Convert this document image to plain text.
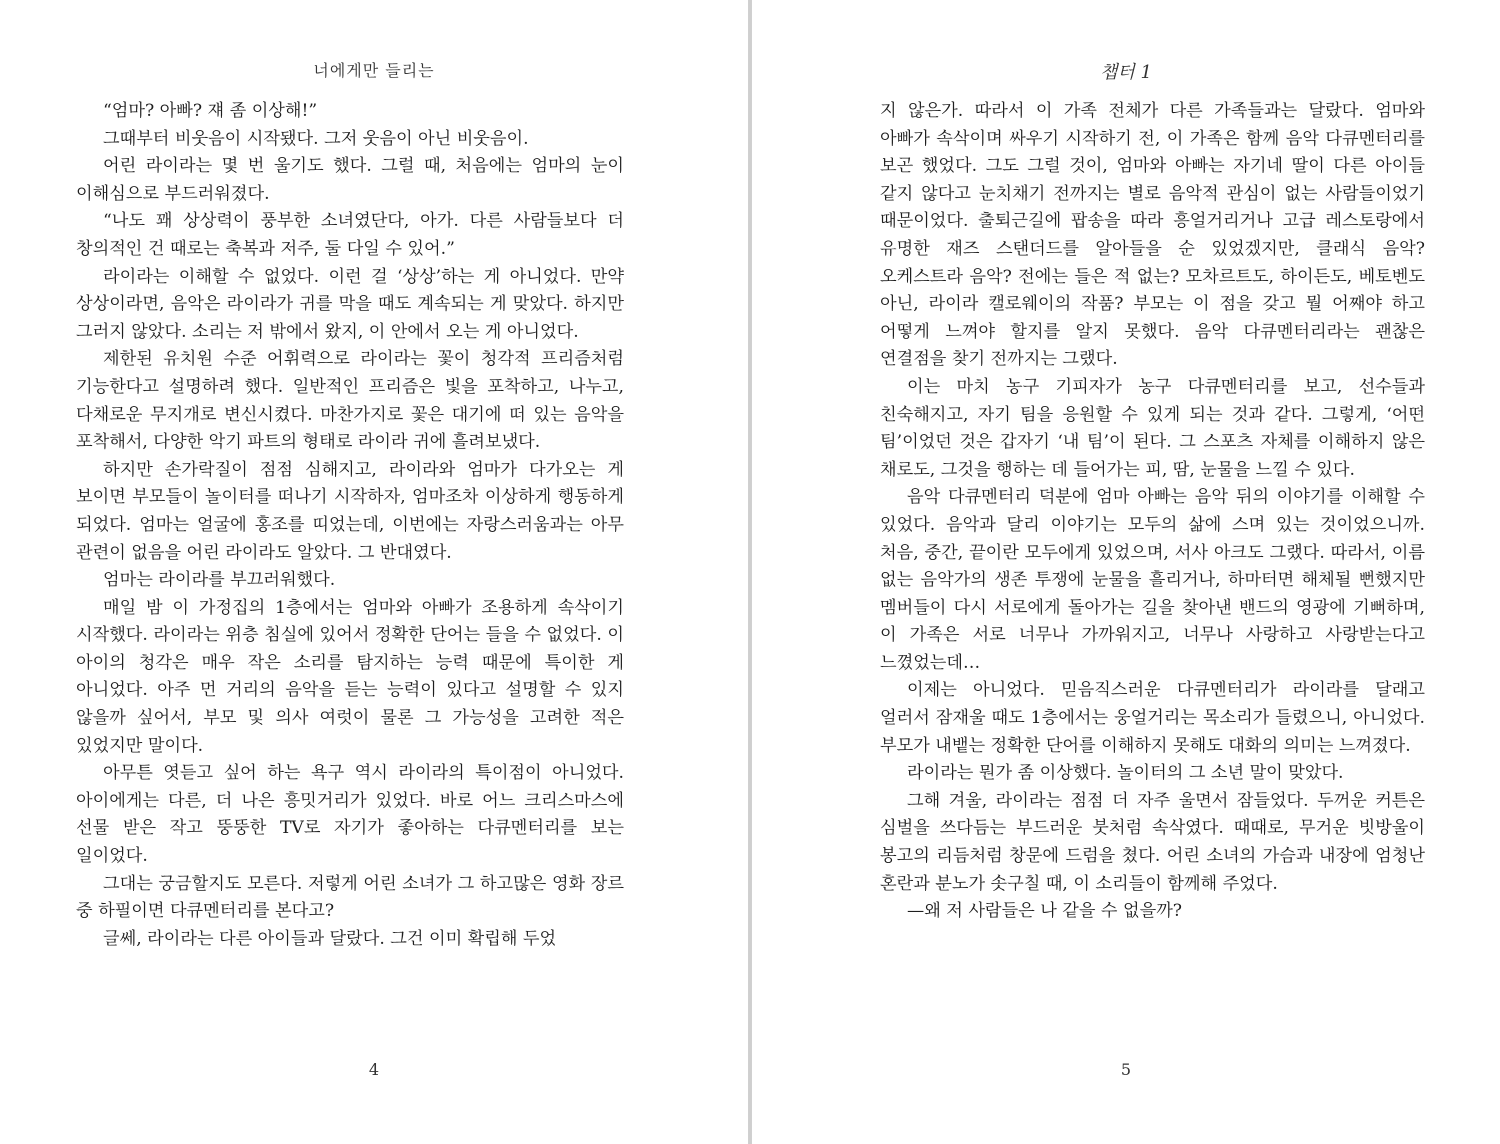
너에게만 들리는

“엄마? 아빠? 쟤 좀 이상해!”

그때부터 비웃음이 시작됐다. 그저 웃음이 아닌 비웃음이.

어린 라이라는 몇 번 울기도 했다. 그럴 때, 처음에는 엄마의 눈이 이해심으로 부드러워졌다.

“나도 꽤 상상력이 풍부한 소녀였단다, 아가. 다른 사람들보다 더 창의적인 건 때로는 축복과 저주, 둘 다일 수 있어.”

라이라는 이해할 수 없었다. 이런 걸 ‘상상’하는 게 아니었다. 만약 상상이라면, 음악은 라이라가 귀를 막을 때도 계속되는 게 맞았다. 하지만 그러지 않았다. 소리는 저 밖에서 왔지, 이 안에서 오는 게 아니었다.

제한된 유치원 수준 어휘력으로 라이라는 꽃이 청각적 프리즘처럼 기능한다고 설명하려 했다. 일반적인 프리즘은 빛을 포착하고, 나누고, 다채로운 무지개로 변신시켰다. 마찬가지로 꽃은 대기에 떠 있는 음악을 포착해서, 다양한 악기 파트의 형태로 라이라 귀에 흘려보냈다.

하지만 손가락질이 점점 심해지고, 라이라와 엄마가 다가오는 게 보이면 부모들이 놀이터를 떠나기 시작하자, 엄마조차 이상하게 행동하게 되었다. 엄마는 얼굴에 홍조를 띠었는데, 이번에는 자랑스러움과는 아무 관련이 없음을 어린 라이라도 알았다. 그 반대였다.

엄마는 라이라를 부끄러워했다.

매일 밤 이 가정집의 1층에서는 엄마와 아빠가 조용하게 속삭이기 시작했다. 라이라는 위층 침실에 있어서 정확한 단어는 들을 수 없었다. 이 아이의 청각은 매우 작은 소리를 탐지하는 능력 때문에 특이한 게 아니었다. 아주 먼 거리의 음악을 듣는 능력이 있다고 설명할 수 있지 않을까 싶어서, 부모 및 의사 여럿이 물론 그 가능성을 고려한 적은 있었지만 말이다.

아무튼 엿듣고 싶어 하는 욕구 역시 라이라의 특이점이 아니었다. 아이에게는 다른, 더 나은 흥밋거리가 있었다. 바로 어느 크리스마스에 선물 받은 작고 뚱뚱한 TV로 자기가 좋아하는 다큐멘터리를 보는 일이었다.

그대는 궁금할지도 모른다. 저렇게 어린 소녀가 그 하고많은 영화 장르 중 하필이면 다큐멘터리를 본다고?

글쎄, 라이라는 다른 아이들과 달랐다. 그건 이미 확립해 두었

4
챕터 1

지 않은가. 따라서 이 가족 전체가 다른 가족들과는 달랐다. 엄마와 아빠가 속삭이며 싸우기 시작하기 전, 이 가족은 함께 음악 다큐멘터리를 보곤 했었다. 그도 그럴 것이, 엄마와 아빠는 자기네 딸이 다른 아이들 같지 않다고 눈치채기 전까지는 별로 음악적 관심이 없는 사람들이었기 때문이었다. 출퇴근길에 팝송을 따라 흥얼거리거나 고급 레스토랑에서 유명한 재즈 스탠더드를 알아들을 순 있었겠지만, 클래식 음악? 오케스트라 음악? 전에는 들은 적 없는? 모차르트도, 하이든도, 베토벤도 아닌, 라이라 캘로웨이의 작품? 부모는 이 점을 갖고 뭘 어째야 하고 어떻게 느껴야 할지를 알지 못했다. 음악 다큐멘터리라는 괜찮은 연결점을 찾기 전까지는 그랬다.

이는 마치 농구 기피자가 농구 다큐멘터리를 보고, 선수들과 친숙해지고, 자기 팀을 응원할 수 있게 되는 것과 같다. 그렇게, ‘어떤 팀’이었던 것은 갑자기 ‘내 팀’이 된다. 그 스포츠 자체를 이해하지 않은 채로도, 그것을 행하는 데 들어가는 피, 땀, 눈물을 느낄 수 있다.

음악 다큐멘터리 덕분에 엄마 아빠는 음악 뒤의 이야기를 이해할 수 있었다. 음악과 달리 이야기는 모두의 삶에 스며 있는 것이었으니까. 처음, 중간, 끝이란 모두에게 있었으며, 서사 아크도 그랬다. 따라서, 이름 없는 음악가의 생존 투쟁에 눈물을 흘리거나, 하마터면 해체될 뻔했지만 멤버들이 다시 서로에게 돌아가는 길을 찾아낸 밴드의 영광에 기뻐하며, 이 가족은 서로 너무나 가까워지고, 너무나 사랑하고 사랑받는다고 느꼈었는데…

이제는 아니었다. 믿음직스러운 다큐멘터리가 라이라를 달래고 얼러서 잠재울 때도 1층에서는 웅얼거리는 목소리가 들렸으니, 아니었다. 부모가 내뱉는 정확한 단어를 이해하지 못해도 대화의 의미는 느껴졌다.

라이라는 뭔가 좀 이상했다. 놀이터의 그 소년 말이 맞았다.

그해 겨울, 라이라는 점점 더 자주 울면서 잠들었다. 두꺼운 커튼은 심벌을 쓰다듬는 부드러운 붓처럼 속삭였다. 때때로, 무거운 빗방울이 봉고의 리듬처럼 창문에 드럼을 쳤다. 어린 소녀의 가슴과 내장에 엄청난 혼란과 분노가 솟구칠 때, 이 소리들이 함께해 주었다.

—왜 저 사람들은 나 같을 수 없을까?

5
